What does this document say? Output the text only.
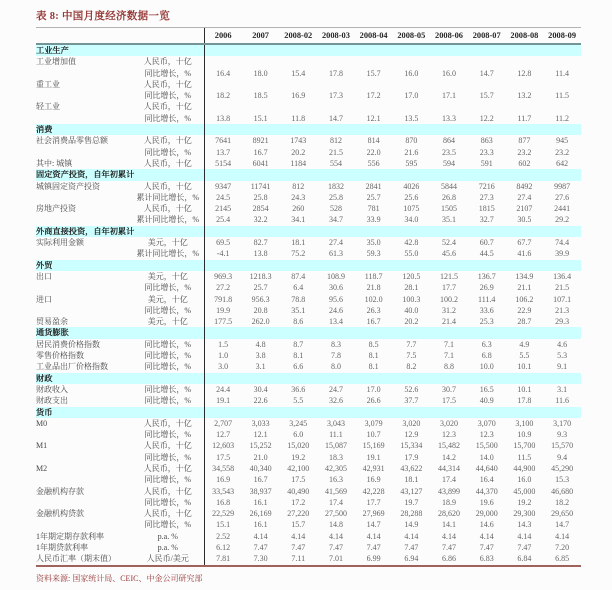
表 8: 中国月度经济数据一览
		2006	2007	2008-02	2008-03	2008-04	2008-05	2008-06	2008-07	2008-08	2008-09
工业生产											
工业增加值	人民币，十亿										
	同比增长，%	16.4	18.0	15.4	17.8	15.7	16.0	16.0	14.7	12.8	11.4
重工业	人民币，十亿										
	同比增长，%	18.2	18.5	16.9	17.3	17.2	17.0	17.1	15.7	13.2	11.5
轻工业	人民币，十亿										
	同比增长，%	13.8	15.1	11.8	14.7	12.1	13.5	13.3	12.2	11.7	11.2
消费											
社会消费品零售总额	人民币，十亿	7641	8921	1743	812	814	870	864	863	877	945
	同比增长，%	13.7	16.7	20.2	21.5	22.0	21.6	23.5	23.3	23.2	23.2
其中: 城镇	人民币，十亿	5154	6041	1184	554	556	595	594	591	602	642
固定资产投资，自年初累计											
城镇固定资产投资	人民币，十亿	9347	11741	812	1832	2841	4026	5844	7216	8492	9987
	累计同比增长，%	24.5	25.8	24.3	25.8	25.7	25.6	26.8	27.3	27.4	27.6
房地产投资	人民币，十亿	2145	2854	260	528	781	1075	1505	1815	2107	2441
	累计同比增长，%	25.4	32.2	34.1	34.7	33.9	34.0	35.1	32.7	30.5	29.2
外商直接投资，自年初累计											
实际利用金额	美元，十亿	69.5	82.7	18.1	27.4	35.0	42.8	52.4	60.7	67.7	74.4
	累计同比增长，%	-4.1	13.8	75.2	61.3	59.3	55.0	45.6	44.5	41.6	39.9
外贸											
出口	美元，十亿	969.3	1218.3	87.4	108.9	118.7	120.5	121.5	136.7	134.9	136.4
	同比增长，%	27.2	25.7	6.4	30.6	21.8	28.1	17.7	26.9	21.1	21.5
进口	美元，十亿	791.8	956.3	78.8	95.6	102.0	100.3	100.2	111.4	106.2	107.1
	同比增长，%	19.9	20.8	35.1	24.6	26.3	40.0	31.2	33.6	22.9	21.3
贸易盈余	美元，十亿	177.5	262.0	8.6	13.4	16.7	20.2	21.4	25.3	28.7	29.3
通货膨胀											
居民消费价格指数	同比增长，%	1.5	4.8	8.7	8.3	8.5	7.7	7.1	6.3	4.9	4.6
零售价格指数	同比增长，%	1.0	3.8	8.1	7.8	8.1	7.5	7.1	6.8	5.5	5.3
工业品出厂价格指数	同比增长，%	3.0	3.1	6.6	8.0	8.1	8.2	8.8	10.0	10.1	9.1
财政											
财政收入	同比增长，%	24.4	30.4	36.6	24.7	17.0	52.6	30.7	16.5	10.1	3.1
财政支出	同比增长，%	19.1	22.6	5.5	32.6	26.6	37.7	17.5	40.9	17.8	11.6
货币											
M0	人民币，十亿	2,707	3,033	3,245	3,043	3,079	3,020	3,020	3,070	3,100	3,170
	同比增长，%	12.7	12.1	6.0	11.1	10.7	12.9	12.3	12.3	10.9	9.3
M1	人民币，十亿	12,603	15,252	15,020	15,087	15,169	15,334	15,482	15,500	15,700	15,570
	同比增长，%	17.5	21.0	19.2	18.3	19.1	17.9	14.2	14.0	11.5	9.4
M2	人民币，十亿	34,558	40,340	42,100	42,305	42,931	43,622	44,314	44,640	44,900	45,290
	同比增长，%	16.9	16.7	17.5	16.3	16.9	18.1	17.4	16.4	16.0	15.3
金融机构存款	人民币，十亿	33,543	38,937	40,490	41,569	42,228	43,127	43,899	44,370	45,000	46,680
	同比增长，%	16.8	16.1	17.2	17.4	17.7	19.7	18.9	19.6	19.2	18.2
金融机构贷款	人民币，十亿	22,529	26,169	27,220	27,500	27,969	28,288	28,620	29,000	29,300	29,650
	同比增长，%	15.1	16.1	15.7	14.8	14.7	14.9	14.1	14.6	14.3	14.7
1年期定期存款利率	p.a. %	2.52	4.14	4.14	4.14	4.14	4.14	4.14	4.14	4.14	4.14
1年期贷款利率	p.a. %	6.12	7.47	7.47	7.47	7.47	7.47	7.47	7.47	7.47	7.20
人民币汇率（期末值）	人民币/美元	7.81	7.30	7.11	7.01	6.99	6.94	6.86	6.83	6.84	6.85
资料来源: 国家统计局、CEIC、中金公司研究部
